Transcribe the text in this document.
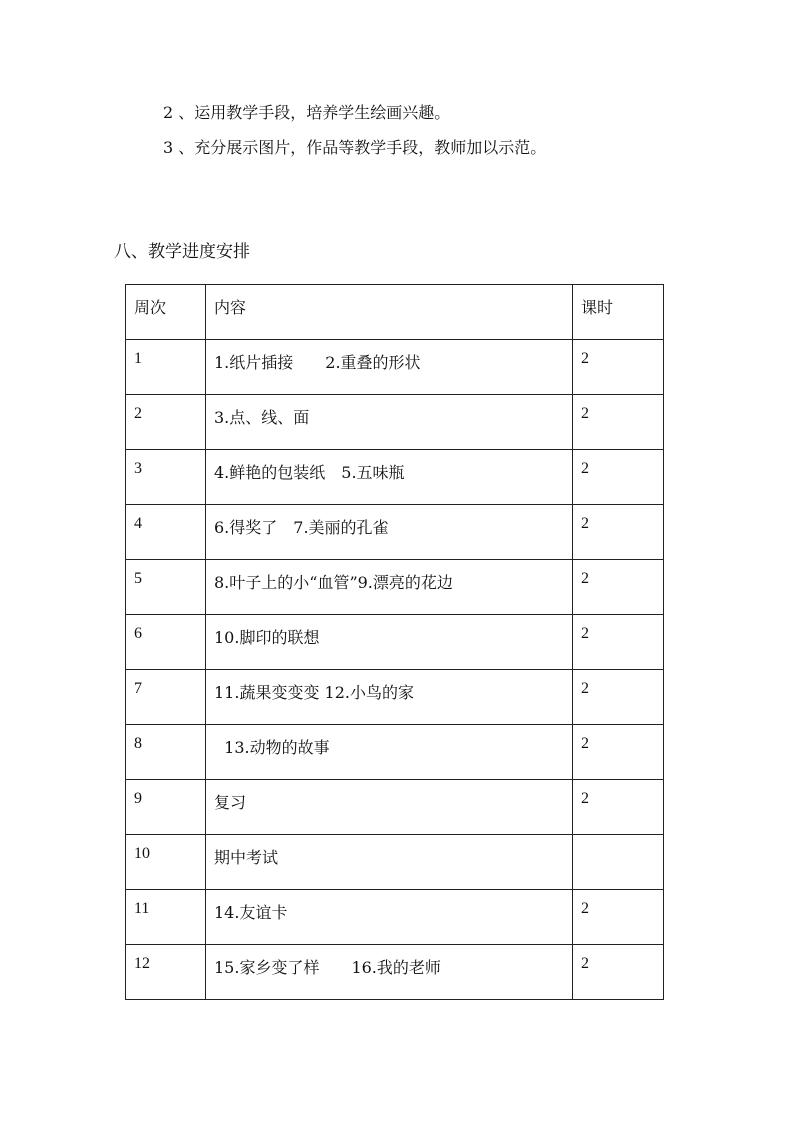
2 、运用教学手段，培养学生绘画兴趣。
3 、充分展示图片，作品等教学手段，教师加以示范。
八、教学进度安排
周次	内容	课时
1	1.纸片插接　　2.重叠的形状	2
2	3.点、线、面	2
3	4.鲜艳的包装纸　5.五味瓶	2
4	6.得奖了　7.美丽的孔雀	2
5	8.叶子上的小“血管”9.漂亮的花边	2
6	10.脚印的联想	2
7	11.蔬果变变变 12.小鸟的家	2
8	13.动物的故事	2
9	复习	2
10	期中考试	
11	14.友谊卡	2
12	15.家乡变了样　　16.我的老师	2
